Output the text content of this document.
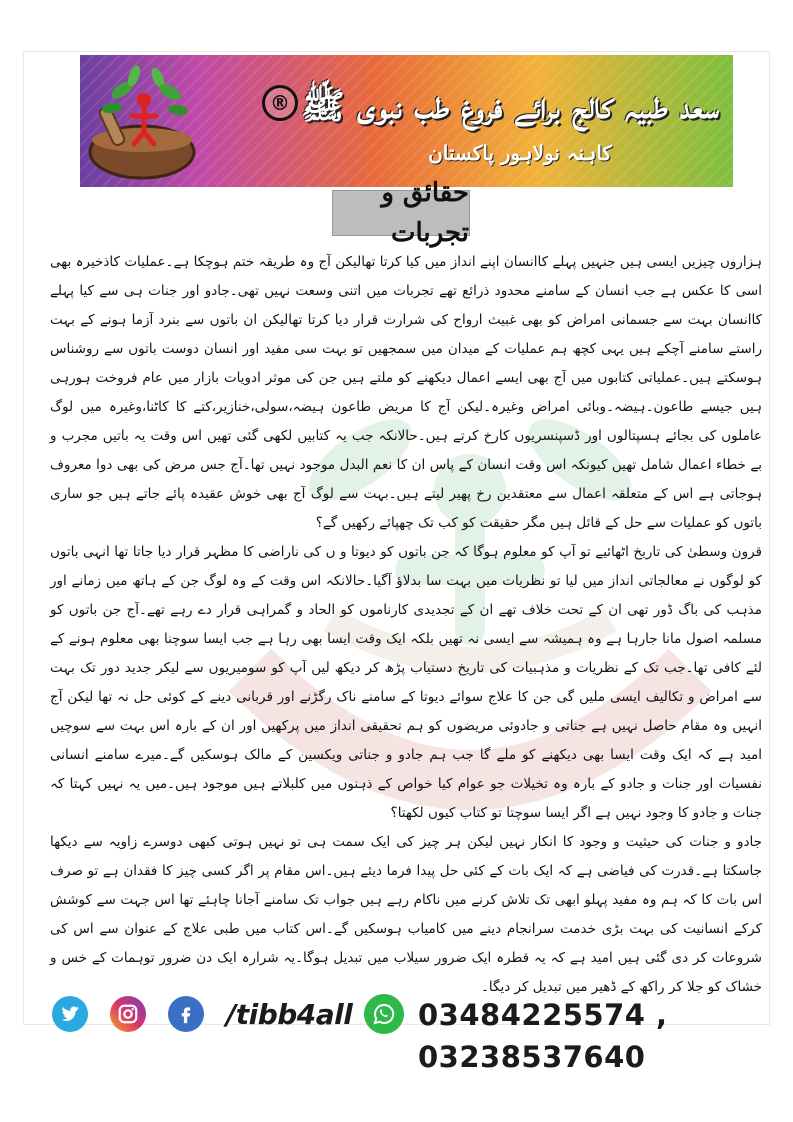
® سعد طبیہ کالج برائے فروغ طب نبوی ﷺ
کاہنہ نولاہور پاکستان
حقائق و تجربات

ہزاروں چیزیں ایسی ہیں جنہیں پہلے کاانسان اپنے انداز میں کیا کرتا تھالیکن آج وہ طریقہ ختم ہوچکا ہے۔عملیات کاذخیرہ بھی اسی کا عکس ہے جب انسان کے سامنے محدود ذرائع تھے تجربات میں اتنی وسعت نہیں تھی۔جادو اور جنات ہی سے کیا پہلے کاانسان بہت سے جسمانی امراض کو بھی غبیث ارواح کی شرارت قرار دیا کرتا تھالیکن ان باتوں سے بنرد آزما ہونے کے بہت راستے سامنے آچکے ہیں یہی کچھ ہم عملیات کے میدان میں سمجھیں تو بہت سی مفید اور انسان دوست باتوں سے روشناس ہوسکتے ہیں۔عملیاتی کتابوں میں آج بھی ایسے اعمال دیکھنے کو ملتے ہیں جن کی موثر ادویات بازار میں عام فروخت ہورہی ہیں جیسے طاعون۔ہیضہ۔وبائی امراض وغیرہ۔لیکن آج کا مریض طاعون ہیضہ،سولی،خنازیر،کتے کا کاٹنا،وغیرہ میں لوگ عاملوں کی بجائے ہسپتالوں اور ڈسپنسریوں کارخ کرتے ہیں۔حالانکہ جب یہ کتابیں لکھی گئی تھیں اس وقت یہ باتیں مجرب و بے خطاء اعمال شامل تھیں کیونکہ اس وقت انسان کے پاس ان کا نعم البدل موجود نہیں تھا۔آج جس مرض کی بھی دوا معروف ہوجاتی ہے اس کے متعلقہ اعمال سے معتقدین رخ پھیر لیتے ہیں۔بہت سے لوگ آج بھی خوش عقیدہ پائے جاتے ہیں جو ساری باتوں کو عملیات سے حل کے قائل ہیں مگر حقیقت کو کب تک چھپائے رکھیں گے؟

قرون وسطیٰ کی تاریخ اٹھائیے تو آپ کو معلوم ہوگا کہ جن باتوں کو دیوتا و ں کی ناراضی کا مظہر قرار دیا جاتا تھا انہی باتوں کو لوگوں نے معالجاتی انداز میں لیا تو نظریات میں بہت سا بدلاؤ آگیا۔حالانکہ اس وقت کے وہ لوگ جن کے ہاتھ میں زمانے اور مذہب کی باگ ڈور تھی ان کے تحت خلاف تھے ان کے تجدیدی کارناموں کو الحاد و گمراہی قرار دے رہے تھے۔آج جن باتوں کو مسلمہ اصول مانا جارہا ہے وہ ہمیشہ سے ایسی نہ تھیں بلکہ ایک وقت ایسا بھی رہا ہے جب ایسا سوچنا بھی معلوم ہونے کے لئے کافی تھا۔جب تک کے نظریات و مذہبیات کی تاریخ دستیاب پڑھ کر دیکھ لیں آپ کو سومیریوں سے لیکر جدید دور تک بہت سے امراض و تکالیف ایسی ملیں گی جن کا علاج سوائے دیوتا کے سامنے ناک رگڑنے اور قربانی دینے کے کوئی حل نہ تھا لیکن آج انہیں وہ مقام حاصل نہیں ہے جناتی و جادوئی مریضوں کو ہم تحقیقی انداز میں پرکھیں اور ان کے بارہ اس بہت سے سوچیں امید ہے کہ ایک وقت ایسا بھی دیکھنے کو ملے گا جب ہم جادو و جناتی ویکسین کے مالک ہوسکیں گے۔میرے سامنے انسانی نفسیات اور جنات و جادو کے بارہ وہ تخیلات جو عوام کیا خواص کے ذہنوں میں کلبلاتے ہیں موجود ہیں۔میں یہ نہیں کہتا کہ جنات و جادو کا وجود نہیں ہے اگر ایسا سوچتا تو کتاب کیوں لکھتا؟

جادو و جنات کی حیثیت و وجود کا انکار نہیں لیکن ہر چیز کی ایک سمت ہی تو نہیں ہوتی کبھی دوسرے زاویہ سے دیکھا جاسکتا ہے۔قدرت کی فیاضی ہے کہ ایک بات کے کئی حل پیدا فرما دیئے ہیں۔اس مقام پر اگر کسی چیز کا فقدان ہے تو صرف اس بات کا کہ ہم وہ مفید پہلو ابھی تک تلاش کرنے میں ناکام رہے ہیں جواب تک سامنے آجانا چاہئے تھا اس جہت سے کوشش کرکے انسانیت کی بہت بڑی خدمت سرانجام دینے میں کامیاب ہوسکیں گے۔اس کتاب میں طبی علاج کے عنوان سے اس کی شروعات کر دی گئی ہیں امید ہے کہ یہ قطرہ ایک ضرور سیلاب میں تبدیل ہوگا۔یہ شرارہ ایک دن ضرور توہمات کے خس و خشاک کو جلا کر راکھ کے ڈھیر میں تبدیل کر دیگا۔

/tibb4all 03484225574 , 03238537640
